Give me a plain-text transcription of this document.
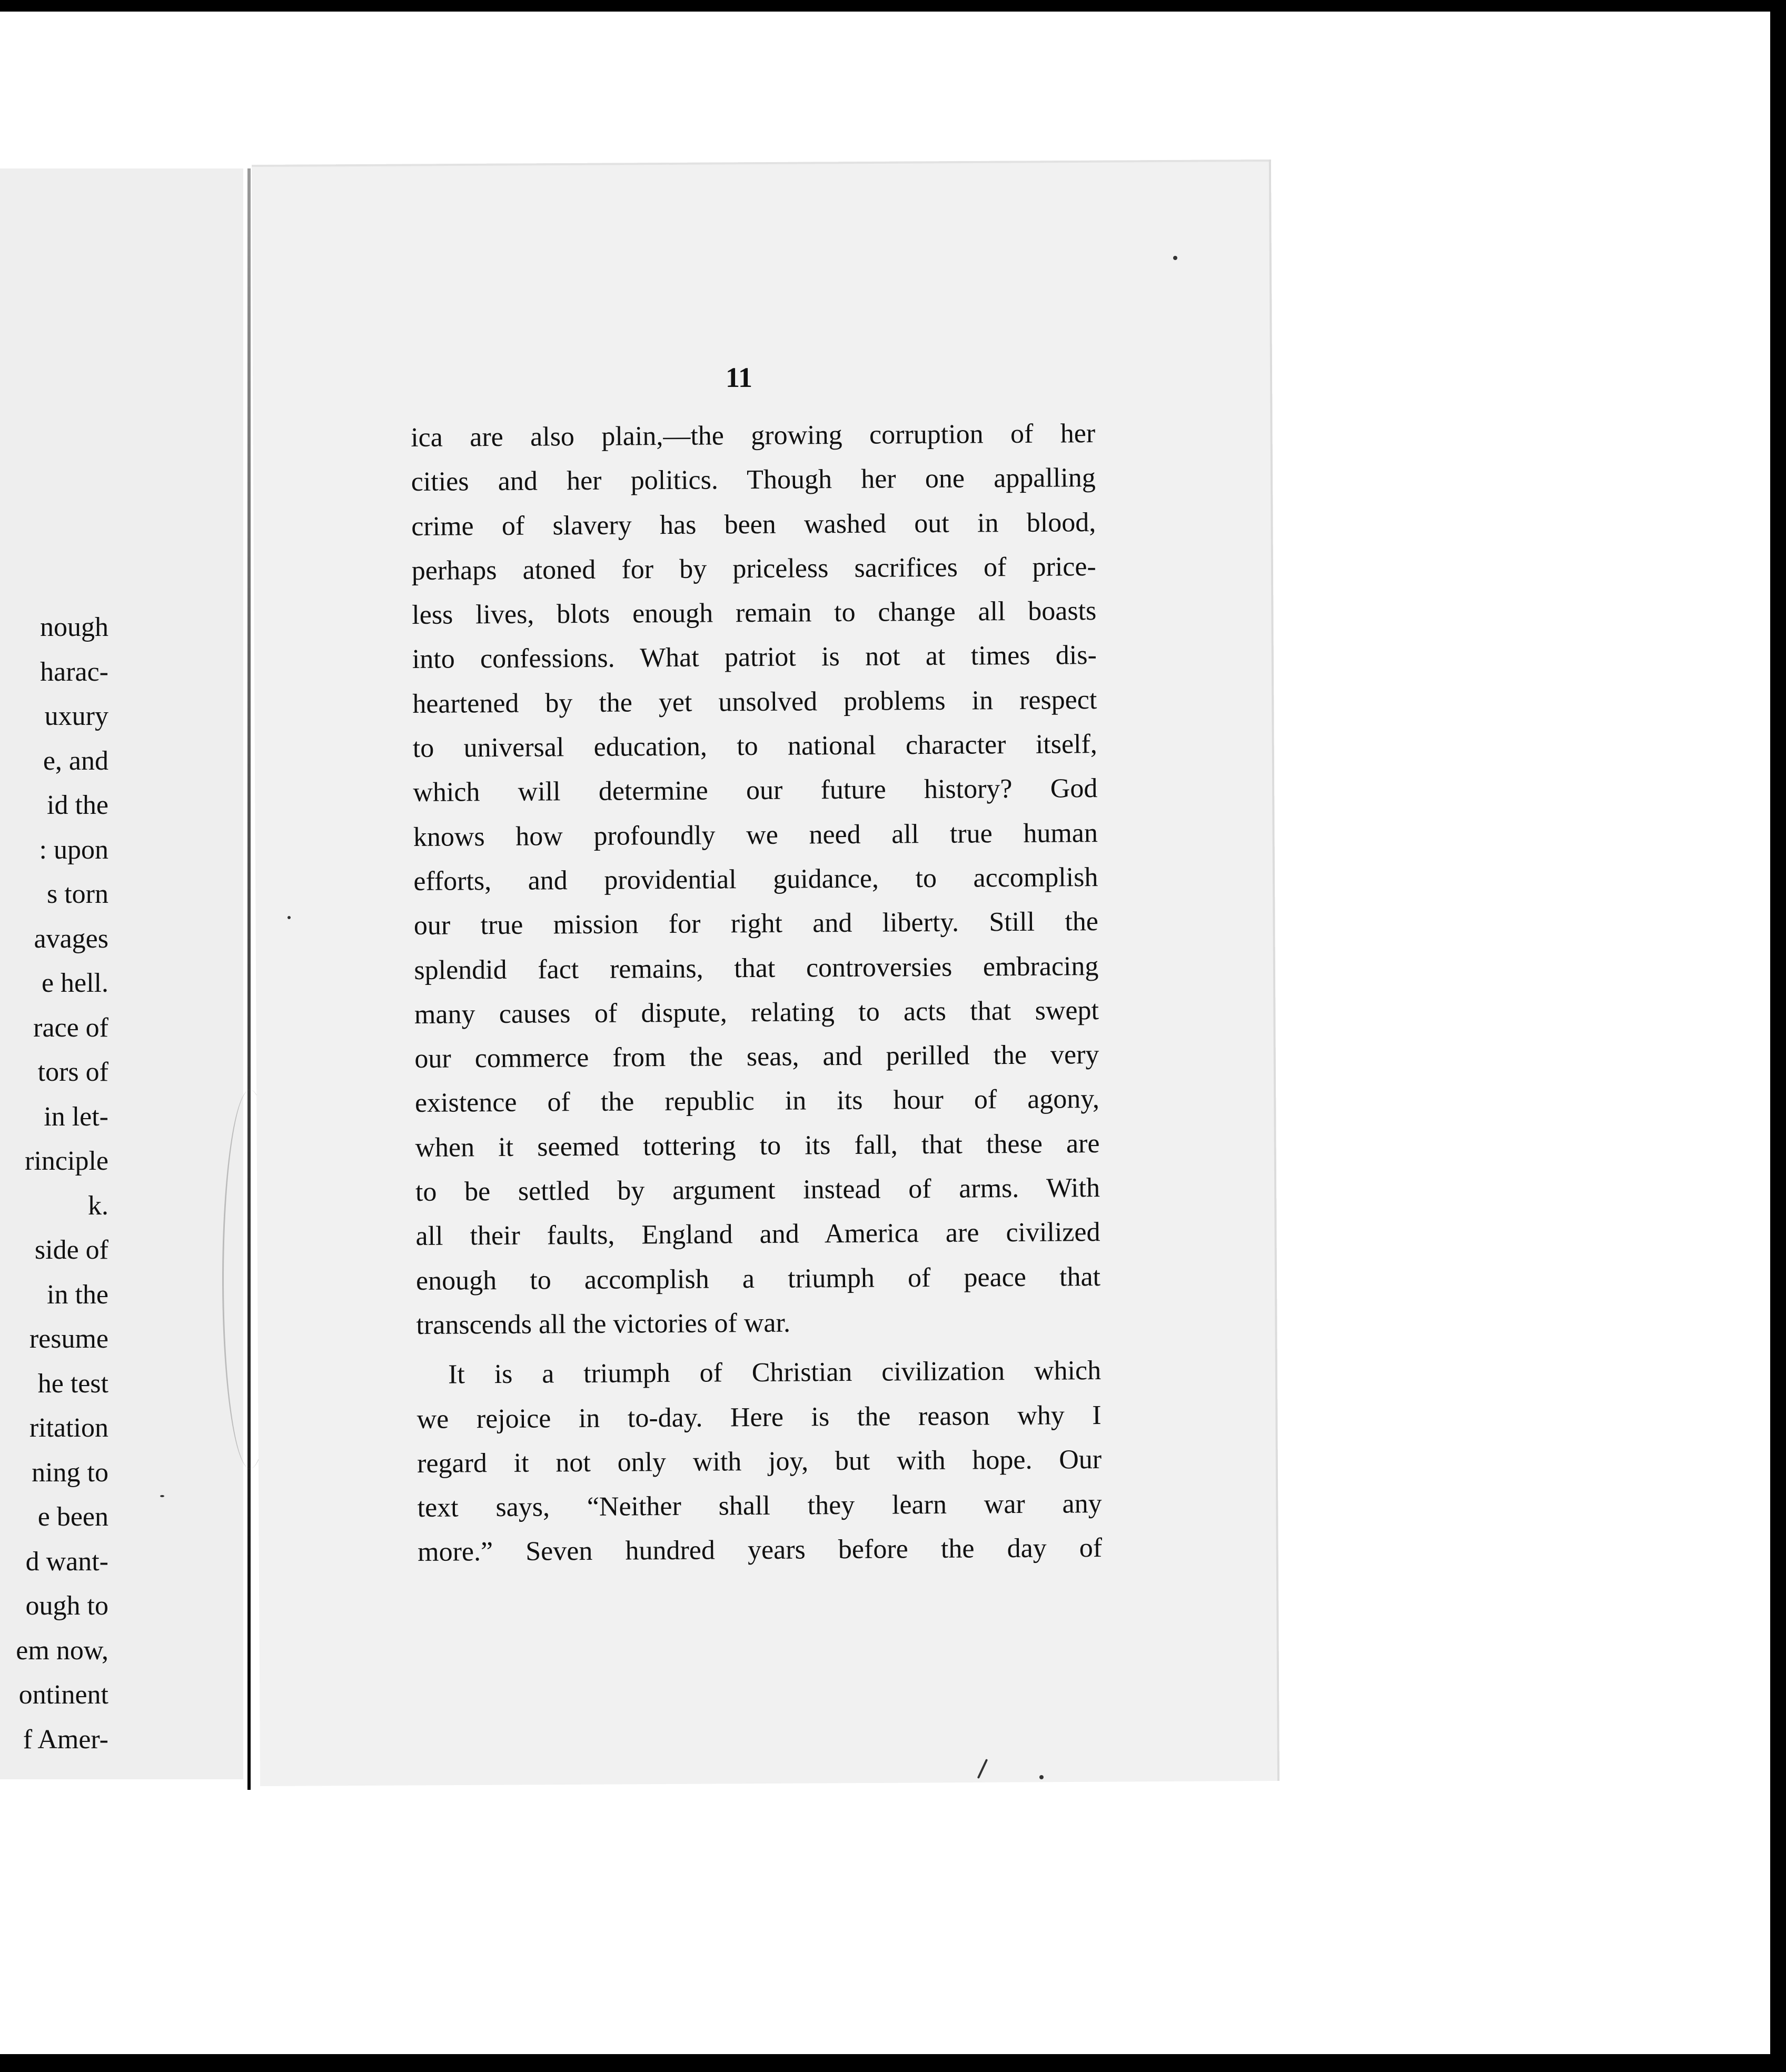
nough
harac-
uxury
e, and
id the
: upon
s torn
avages
e hell.
race of
tors of
in let-
rinciple
k.
side of
in the
resume
he test
ritation
ning to
e been
d want-
ough to
em now,
ontinent
f Amer-
11
ica are also plain,—the growing corruption of her
cities and her politics. Though her one appalling
crime of slavery has been washed out in blood,
perhaps atoned for by priceless sacrifices of price-
less lives, blots enough remain to change all boasts
into confessions. What patriot is not at times dis-
heartened by the yet unsolved problems in respect
to universal education, to national character itself,
which will determine our future history? God
knows how profoundly we need all true human
efforts, and providential guidance, to accomplish
our true mission for right and liberty. Still the
splendid fact remains, that controversies embracing
many causes of dispute, relating to acts that swept
our commerce from the seas, and perilled the very
existence of the republic in its hour of agony,
when it seemed tottering to its fall, that these are
to be settled by argument instead of arms. With
all their faults, England and America are civilized
enough to accomplish a triumph of peace that
transcends all the victories of war.
It is a triumph of Christian civilization which
we rejoice in to-day. Here is the reason why I
regard it not only with joy, but with hope. Our
text says, “Neither shall they learn war any
more.” Seven hundred years before the day of
